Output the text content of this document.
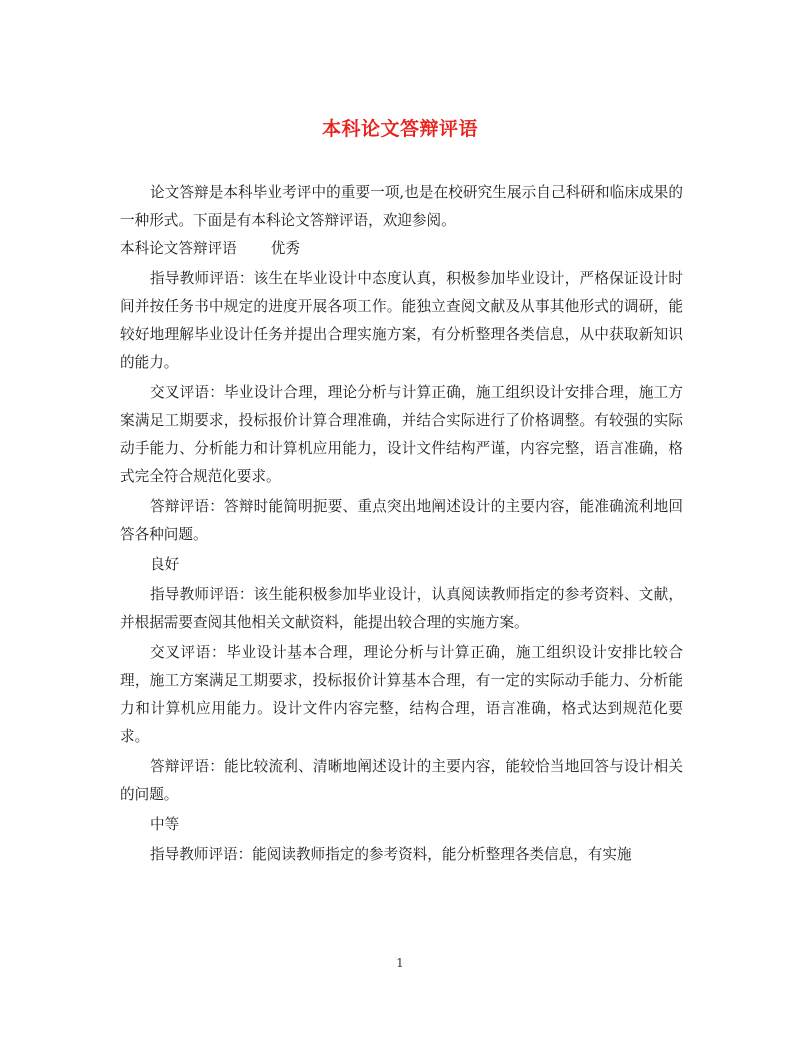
本科论文答辩评语

论文答辩是本科毕业考评中的重要一项,也是在校研究生展示自己科研和临床成果的一种形式。下面是有本科论文答辩评语，欢迎参阅。

本科论文答辩评语 优秀

指导教师评语：该生在毕业设计中态度认真，积极参加毕业设计，严格保证设计时间并按任务书中规定的进度开展各项工作。能独立查阅文献及从事其他形式的调研，能较好地理解毕业设计任务并提出合理实施方案，有分析整理各类信息，从中获取新知识的能力。

交叉评语：毕业设计合理，理论分析与计算正确，施工组织设计安排合理，施工方案满足工期要求，投标报价计算合理准确，并结合实际进行了价格调整。有较强的实际动手能力、分析能力和计算机应用能力，设计文件结构严谨，内容完整，语言准确，格式完全符合规范化要求。

答辩评语：答辩时能简明扼要、重点突出地阐述设计的主要内容，能准确流利地回答各种问题。

良好

指导教师评语：该生能积极参加毕业设计，认真阅读教师指定的参考资料、文献，并根据需要查阅其他相关文献资料，能提出较合理的实施方案。

交叉评语：毕业设计基本合理，理论分析与计算正确，施工组织设计安排比较合理，施工方案满足工期要求，投标报价计算基本合理，有一定的实际动手能力、分析能力和计算机应用能力。设计文件内容完整，结构合理，语言准确，格式达到规范化要求。

答辩评语：能比较流利、清晰地阐述设计的主要内容，能较恰当地回答与设计相关的问题。

中等

指导教师评语：能阅读教师指定的参考资料，能分析整理各类信息，有实施

1
